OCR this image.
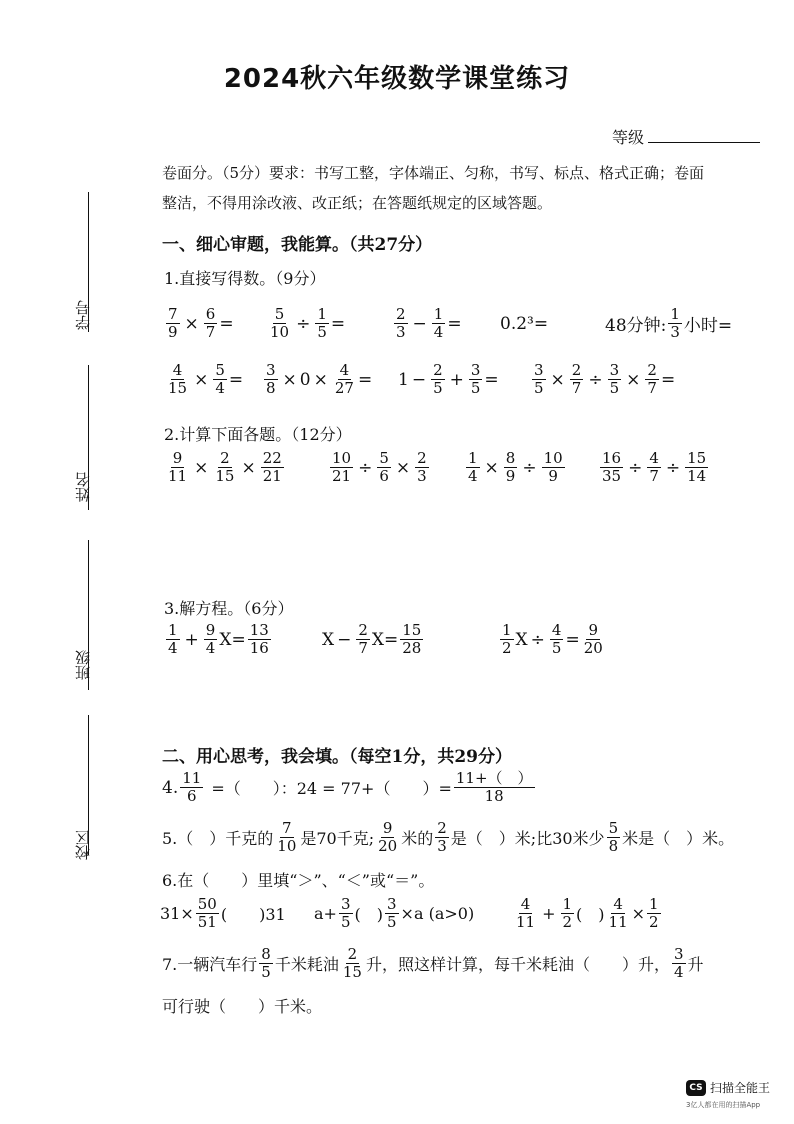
2024秋六年级数学课堂练习
等级
卷面分。（5分）要求：书写工整，字体端正、匀称，书写、标点、格式正确；卷面
整洁，不得用涂改液、改正纸；在答题纸规定的区域答题。
学号
姓名
班级
校区
一、细心审题，我能算。（共27分）
1.直接写得数。（9分）
$\frac{7}{9} \times \frac{6}{7} = \frac{5}{10} \div \frac{1}{5}$ =	2
$3 - \frac{1}{4} = 0.2^3=$	48分钟:
1
3 小时=
$\frac{4}{15} \times \frac{5}{4} = \frac{3}{8} \times 0 \times \frac{4}{27} = 1 - \frac{2}{5} + \frac{3}{5} = \frac{3}{5} \times \frac{2}{7} \div \frac{3}{5} \times \frac{2}{7}$ =
2.计算下面各题。（12分）
$\frac{9}{11} \times \frac{2}{15} \times \frac{22}{21}$	$\frac{10}{21} \div \frac{5}{6} \times \frac{2}{3} \frac{1}{4} \times \frac{8}{9} \div \frac{10}{9} \frac{16}{35} \div \frac{4}{7} \div \frac{15}{14}$
3.解方程。（6分）
1
$4 + \frac{9}{4}$ $X = \frac{13}{16}$	$X - \frac{2}{7}$ $X = \frac{15}{28}$	1
2 $X \div \frac{4}{5} = \frac{9}{20}$
二、用心思考，我会填。（每空1分，共29分）
4. $\frac{11}{6}$ =（　　）：24 = 77+（　　）= $\frac{11+( )}{18}$
5.（　）千克的
7
10 是70千克;
9
20 米的
2
3 是（　）米;比30米少
5
8 米是（　）米。
6.在（　　）里填“＞”、“＜”或“＝”。
$31\times \frac{50}{51}$ (　　)31 $a+ \frac{3}{5}$ (　) $\frac{3}{5} \times a$ (a>0)	4
$11 + \frac{1}{2}$ (　) $\frac{4}{11} \times \frac{1}{2}$
7.一辆汽车行
8
5 千米耗油
2
15 升，照这样计算，每千米耗油（　　）升，
3
4 升
可行驶（　　）千米。
CS 扫描全能王
3亿人都在用的扫描App
